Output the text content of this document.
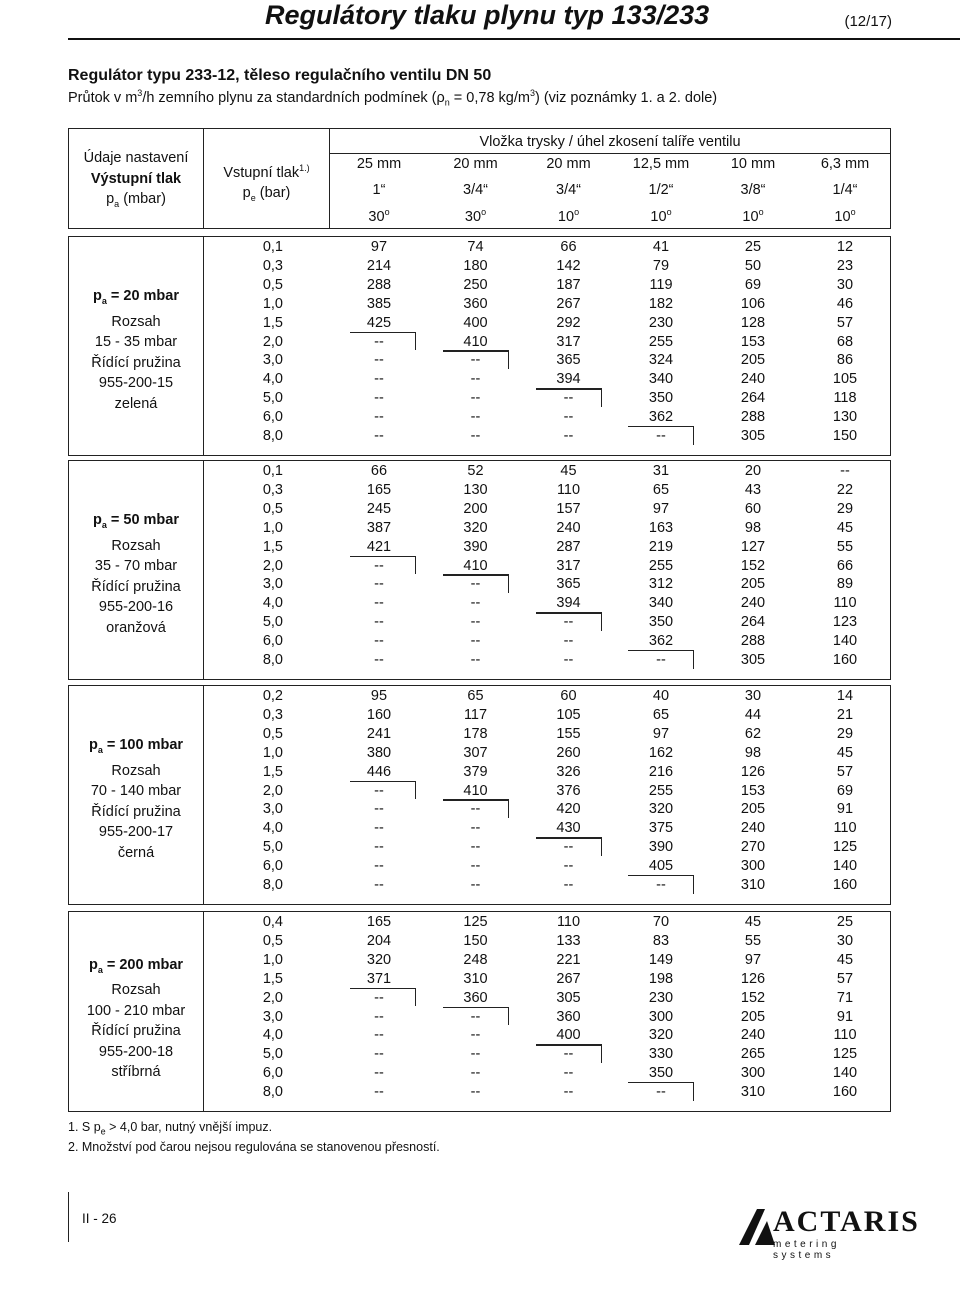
Regulátory tlaku plynu typ 133/233	(12/17)
Regulátor typu 233-12, těleso regulačního ventilu DN 50
Průtok v $m^3/h$ zemního plynu za standardních podmínek ($\rho_n = 0,78$ $kg/m^3$) (viz poznámky 1. a 2. dole)
Údaje nastavení
Výstupní tlak
$p_a$ (mbar)
Vstupní tlak$^{1.)}$
$p_e$ (bar)
Vložka trysky / úhel zkosení talíře ventilu
25 mm
1“
30$^o$
20 mm
3/4“
30$^o$
20 mm
3/4“
10$^o$
12,5 mm
1/2“
10$^o$
10 mm
3/8“
10$^o$
6,3 mm
1/4“
10$^o$
$p_a = 20$ mbar
Rozsah
15 - 35 mbar
Řídící pružina
955-200-15
zelená
0,1
0,3
0,5
1,0
1,5
2,0
3,0
4,0
5,0
6,0
8,0
97
214
288
385
425
--
--
--
--
--
--
74
180
250
360
400
410
--
--
--
--
--
66
142
187
267
292
317
365
394
--
--
--
41
79
119
182
230
255
324
340
350
362
--
25
50
69
106
128
153
205
240
264
288
305
12
23
30
46
57
68
86
105
118
130
150
$p_a = 50$ mbar
Rozsah
35 - 70 mbar
Řídící pružina
955-200-16
oranžová
0,1
0,3
0,5
1,0
1,5
2,0
3,0
4,0
5,0
6,0
8,0
66
165
245
387
421
--
--
--
--
--
--
52
130
200
320
390
410
--
--
--
--
--
45
110
157
240
287
317
365
394
--
--
--
31
65
97
163
219
255
312
340
350
362
--
20
43
60
98
127
152
205
240
264
288
305
--
22
29
45
55
66
89
110
123
140
160
$p_a = 100$ mbar
Rozsah
70 - 140 mbar
Řídící pružina
955-200-17
černá
0,2
0,3
0,5
1,0
1,5
2,0
3,0
4,0
5,0
6,0
8,0
95
160
241
380
446
--
--
--
--
--
--
65
117
178
307
379
410
--
--
--
--
--
60
105
155
260
326
376
420
430
--
--
--
40
65
97
162
216
255
320
375
390
405
--
30
44
62
98
126
153
205
240
270
300
310
14
21
29
45
57
69
91
110
125
140
160
$p_a = 200$ mbar
Rozsah
100 - 210 mbar
Řídící pružina
955-200-18
stříbrná
0,4
0,5
1,0
1,5
2,0
3,0
4,0
5,0
6,0
8,0
165
204
320
371
--
--
--
--
--
--
125
150
248
310
360
--
--
--
--
--
110
133
221
267
305
360
400
--
--
--
70
83
149
198
230
300
320
330
350
--
45
55
97
126
152
205
240
265
300
310
25
30
45
57
71
91
110
125
140
160
1. S $p_e > 4,0$ bar, nutný vnější impuz.
2. Množství pod čarou nejsou regulována se stanovenou přesností.
II - 26	ACTARIS
metering systems
